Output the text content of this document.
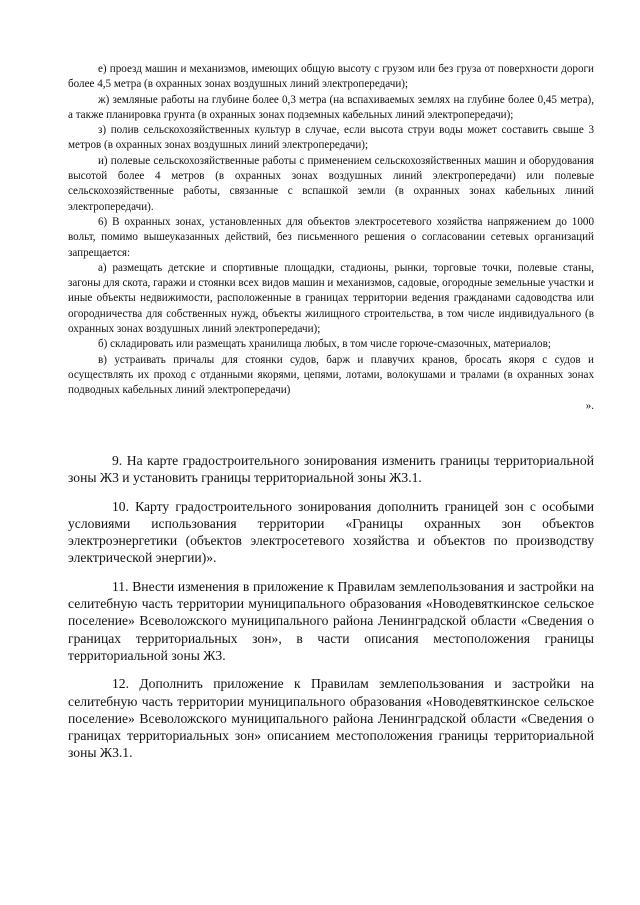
е) проезд машин и механизмов, имеющих общую высоту с грузом или без груза от поверхности дороги более 4,5 метра (в охранных зонах воздушных линий электропередачи);

ж) земляные работы на глубине более 0,3 метра (на вспахиваемых землях на глубине более 0,45 метра), а также планировка грунта (в охранных зонах подземных кабельных линий электропередачи);

з) полив сельскохозяйственных культур в случае, если высота струи воды может составить свыше 3 метров (в охранных зонах воздушных линий электропередачи);

и) полевые сельскохозяйственные работы с применением сельскохозяйственных машин и оборудования высотой более 4 метров (в охранных зонах воздушных линий электропередачи) или полевые сельскохозяйственные работы, связанные с вспашкой земли (в охранных зонах кабельных линий электропередачи).

6) В охранных зонах, установленных для объектов электросетевого хозяйства напряжением до 1000 вольт, помимо вышеуказанных действий, без письменного решения о согласовании сетевых организаций запрещается:

а) размещать детские и спортивные площадки, стадионы, рынки, торговые точки, полевые станы, загоны для скота, гаражи и стоянки всех видов машин и механизмов, садовые, огородные земельные участки и иные объекты недвижимости, расположенные в границах территории ведения гражданами садоводства или огородничества для собственных нужд, объекты жилищного строительства, в том числе индивидуального (в охранных зонах воздушных линий электропередачи);

б) складировать или размещать хранилища любых, в том числе горюче-смазочных, материалов;

в) устраивать причалы для стоянки судов, барж и плавучих кранов, бросать якоря с судов и осуществлять их проход с отданными якорями, цепями, лотами, волокушами и тралами (в охранных зонах подводных кабельных линий электропередачи)

».

9. На карте градостроительного зонирования изменить границы территориальной зоны Ж3 и установить границы территориальной зоны Ж3.1.

10. Карту градостроительного зонирования дополнить границей зон с особыми условиями использования территории «Границы охранных зон объектов электроэнергетики (объектов электросетевого хозяйства и объектов по производству электрической энергии)».

11. Внести изменения в приложение к Правилам землепользования и застройки на селитебную часть территории муниципального образования «Новодевяткинское сельское поселение» Всеволожского муниципального района Ленинградской области «Сведения о границах территориальных зон», в части описания местоположения границы территориальной зоны Ж3.

12. Дополнить приложение к Правилам землепользования и застройки на селитебную часть территории муниципального образования «Новодевяткинское сельское поселение» Всеволожского муниципального района Ленинградской области «Сведения о границах территориальных зон» описанием местоположения границы территориальной зоны Ж3.1.
